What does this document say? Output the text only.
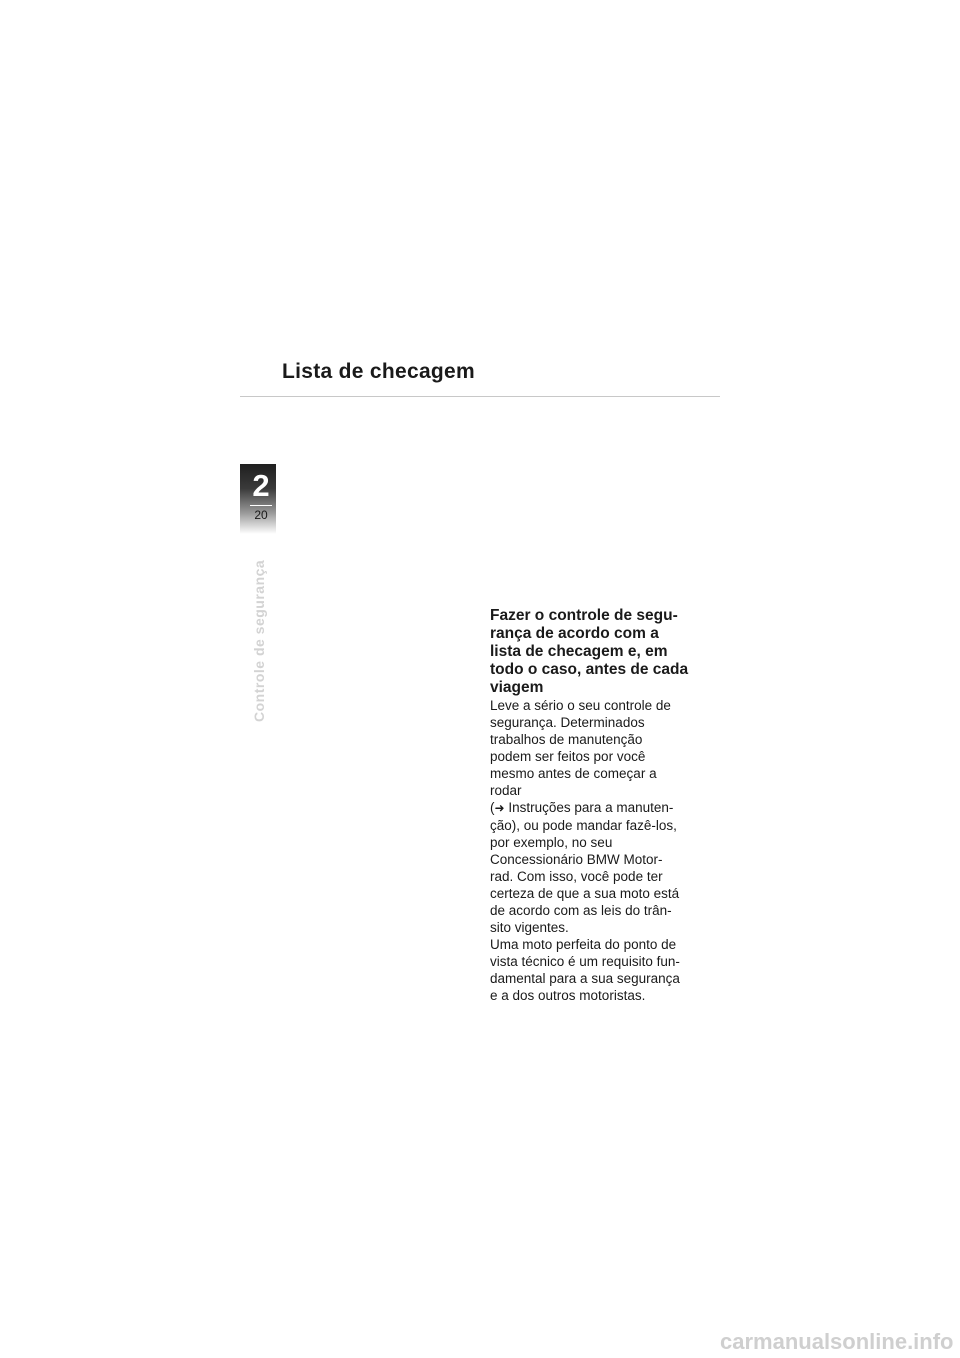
Lista de checagem
2
20
Controle de segurança	Fazer o controle de segu-
rança de acordo com a
lista de checagem e, em
todo o caso, antes de cada
viagem

Leve a sério o seu controle de
segurança. Determinados
trabalhos de manutenção
podem ser feitos por você
mesmo antes de começar a
rodar
(➜ Instruções para a manuten-
ção), ou pode mandar fazê-los,
por exemplo, no seu
Concessionário BMW Motor-
rad. Com isso, você pode ter
certeza de que a sua moto está
de acordo com as leis do trân-
sito vigentes.
Uma moto perfeita do ponto de
vista técnico é um requisito fun-
damental para a sua segurança
e a dos outros motoristas.

carmanualsonline.info
